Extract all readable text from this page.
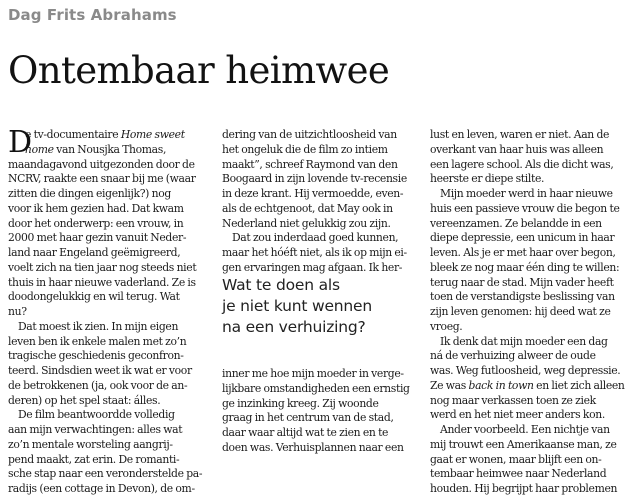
Dag Frits Abrahams
Ontembaar heimwee
D
e tv-documentaire Home sweet
home van Nousjka Thomas,
maandagavond uitgezonden door de
NCRV, raakte een snaar bij me (waar
zitten die dingen eigenlijk?) nog
voor ik hem gezien had. Dat kwam
door het onderwerp: een vrouw, in
2000 met haar gezin vanuit Neder-
land naar Engeland geëmigreerd,
voelt zich na tien jaar nog steeds niet
thuis in haar nieuwe vaderland. Ze is
doodongelukkig en wil terug. Wat
nu?
Dat moest ik zien. In mijn eigen
leven ben ik enkele malen met zo’n
tragische geschiedenis geconfron-
teerd. Sindsdien weet ik wat er voor
de betrokkenen (ja, ook voor de an-
deren) op het spel staat: álles.
De film beantwoordde volledig
aan mijn verwachtingen: alles wat
zo’n mentale worsteling aangrij-
pend maakt, zat erin. De romanti-
sche stap naar een veronderstelde pa-
radijs (een cottage in Devon), de om-
dering van de uitzichtloosheid van
het ongeluk die de film zo intiem
maakt”, schreef Raymond van den
Boogaard in zijn lovende tv-recensie
in deze krant. Hij vermoedde, even-
als de echtgenoot, dat May ook in
Nederland niet gelukkig zou zijn.
Dat zou inderdaad goed kunnen,
maar het hóéft niet, als ik op mijn ei-
gen ervaringen mag afgaan. Ik her-
Wat te doen als
je niet kunt wennen
na een verhuizing?
inner me hoe mijn moeder in verge-
lijkbare omstandigheden een ernstig
ge inzinking kreeg. Zij woonde
graag in het centrum van de stad,
daar waar altijd wat te zien en te
doen was. Verhuisplannen naar een
lust en leven, waren er niet. Aan de
overkant van haar huis was alleen
een lagere school. Als die dicht was,
heerste er diepe stilte.
Mijn moeder werd in haar nieuwe
huis een passieve vrouw die begon te
vereenzamen. Ze belandde in een
diepe depressie, een unicum in haar
leven. Als je er met haar over begon,
bleek ze nog maar één ding te willen:
terug naar de stad. Mijn vader heeft
toen de verstandigste beslissing van
zijn leven genomen: hij deed wat ze
vroeg.
Ik denk dat mijn moeder een dag
ná de verhuizing alweer de oude
was. Weg futloosheid, weg depressie.
Ze was back in town en liet zich alleen
nog maar verkassen toen ze ziek
werd en het niet meer anders kon.
Ander voorbeeld. Een nichtje van
mij trouwt een Amerikaanse man, ze
gaat er wonen, maar blijft een on-
tembaar heimwee naar Nederland
houden. Hij begrijpt haar problemen
